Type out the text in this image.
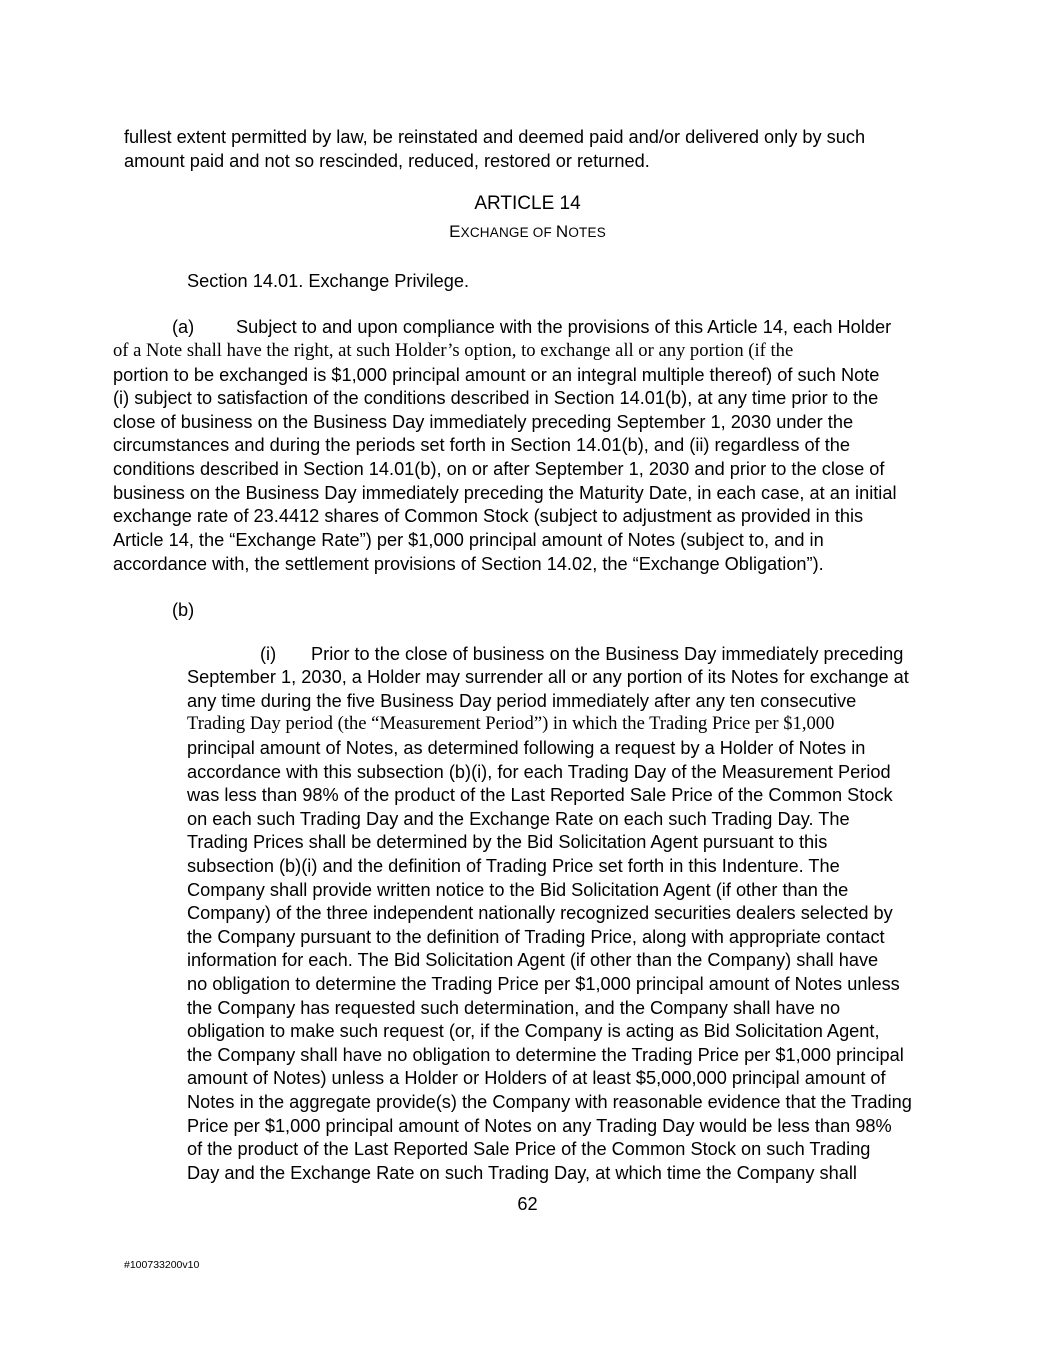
fullest extent permitted by law, be reinstated and deemed paid and/or delivered only by such
amount paid and not so rescinded, reduced, restored or returned.
ARTICLE 14
EXCHANGE OF NOTES
Section 14.01. Exchange Privilege.
(a) Subject to and upon compliance with the provisions of this Article 14, each Holder
of a Note shall have the right, at such Holder’s option, to exchange all or any portion (if the
portion to be exchanged is $1,000 principal amount or an integral multiple thereof) of such Note
(i) subject to satisfaction of the conditions described in Section 14.01(b), at any time prior to the
close of business on the Business Day immediately preceding September 1, 2030 under the
circumstances and during the periods set forth in Section 14.01(b), and (ii) regardless of the
conditions described in Section 14.01(b), on or after September 1, 2030 and prior to the close of
business on the Business Day immediately preceding the Maturity Date, in each case, at an initial
exchange rate of 23.4412 shares of Common Stock (subject to adjustment as provided in this
Article 14, the “Exchange Rate”) per $1,000 principal amount of Notes (subject to, and in
accordance with, the settlement provisions of Section 14.02, the “Exchange Obligation”).
(b)
(i) Prior to the close of business on the Business Day immediately preceding
September 1, 2030, a Holder may surrender all or any portion of its Notes for exchange at
any time during the five Business Day period immediately after any ten consecutive
Trading Day period (the “Measurement Period”) in which the Trading Price per $1,000
principal amount of Notes, as determined following a request by a Holder of Notes in
accordance with this subsection (b)(i), for each Trading Day of the Measurement Period
was less than 98% of the product of the Last Reported Sale Price of the Common Stock
on each such Trading Day and the Exchange Rate on each such Trading Day. The
Trading Prices shall be determined by the Bid Solicitation Agent pursuant to this
subsection (b)(i) and the definition of Trading Price set forth in this Indenture. The
Company shall provide written notice to the Bid Solicitation Agent (if other than the
Company) of the three independent nationally recognized securities dealers selected by
the Company pursuant to the definition of Trading Price, along with appropriate contact
information for each. The Bid Solicitation Agent (if other than the Company) shall have
no obligation to determine the Trading Price per $1,000 principal amount of Notes unless
the Company has requested such determination, and the Company shall have no
obligation to make such request (or, if the Company is acting as Bid Solicitation Agent,
the Company shall have no obligation to determine the Trading Price per $1,000 principal
amount of Notes) unless a Holder or Holders of at least $5,000,000 principal amount of
Notes in the aggregate provide(s) the Company with reasonable evidence that the Trading
Price per $1,000 principal amount of Notes on any Trading Day would be less than 98%
of the product of the Last Reported Sale Price of the Common Stock on such Trading
Day and the Exchange Rate on such Trading Day, at which time the Company shall
62
#100733200v10
